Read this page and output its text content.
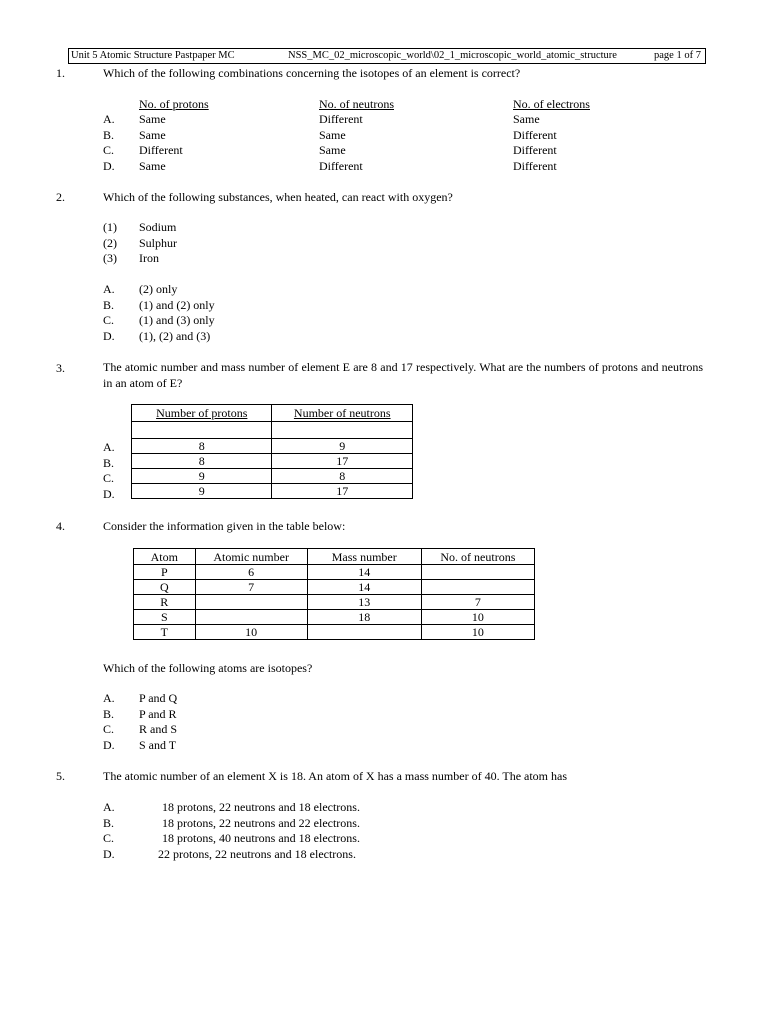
Unit 5 Atomic Structure Pastpaper MC	NSS_MC_02_microscopic_world\02_1_microscopic_world_atomic_structure	page 1 of 7
1.	Which of the following combinations concerning the isotopes of an element is correct?
No. of protons	No. of neutrons	No. of electrons
A. Same	Different	Same
B. Same	Same	Different
C. Different	Same	Different
D. Same	Different	Different
2.	Which of the following substances, when heated, can react with oxygen?
(1) Sodium
(2) Sulphur
(3) Iron
A. (2) only
B. (1) and (2) only
C. (1) and (3) only
D. (1), (2) and (3)
3.	The atomic number and mass number of element E are 8 and 17 respectively. What are the numbers of protons and neutrons in an atom of E?
A.
B.
C.
D.
Number of protons	Number of neutrons

8	9
8	17
9	8
9	17
4.	Consider the information given in the table below:
Atom	Atomic number	Mass number	No. of neutrons
P	6	14	
Q	7	14	
R		13	7
S		18	10
T	10		10
Which of the following atoms are isotopes?
A. P and Q
B. P and R
C. R and S
D. S and T
5.	The atomic number of an element X is 18. An atom of X has a mass number of 40. The atom has
A.	18 protons, 22 neutrons and 18 electrons.
B.	18 protons, 22 neutrons and 22 electrons.
C.	18 protons, 40 neutrons and 18 electrons.
D.	22 protons, 22 neutrons and 18 electrons.
